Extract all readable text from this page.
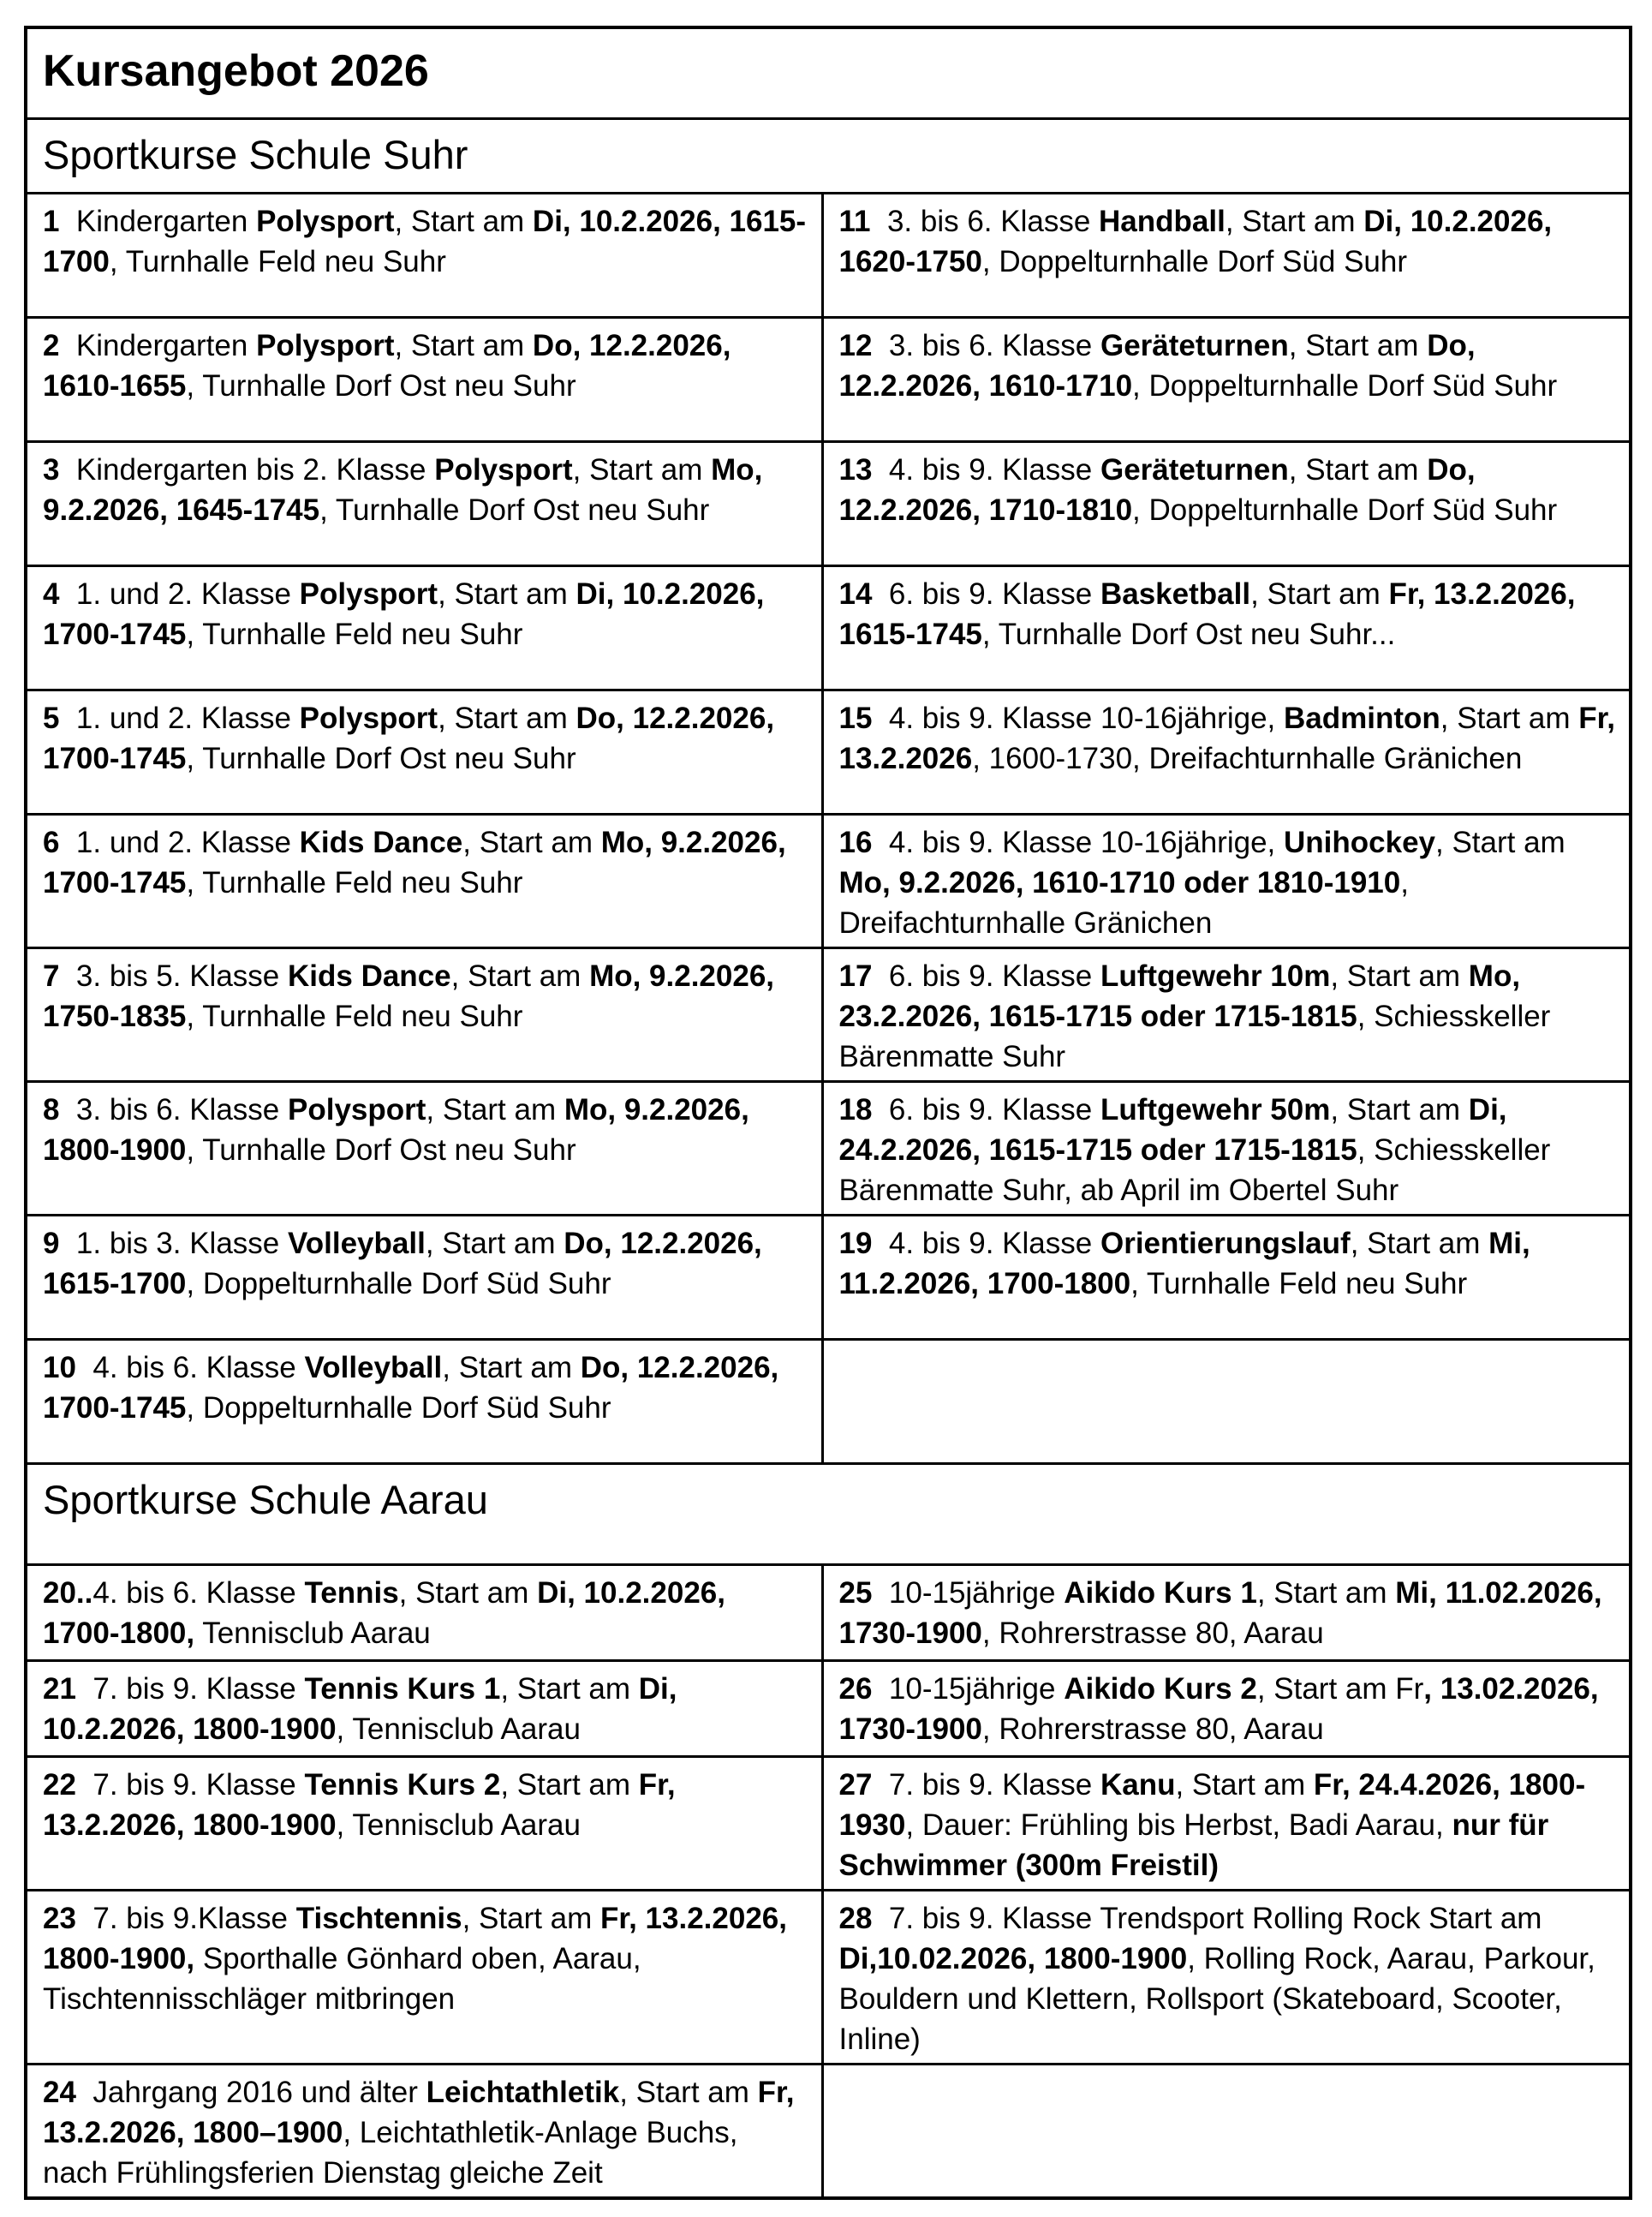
Kursangebot 2026	
Sportkurse Schule Suhr	
1  Kindergarten Polysport, Start am Di, 10.2.2026, 1615-1700, Turnhalle Feld neu Suhr	11  3. bis 6. Klasse Handball, Start am Di, 10.2.2026, 1620-1750, Doppelturnhalle Dorf Süd Suhr
2  Kindergarten Polysport, Start am Do, 12.2.2026, 1610-1655, Turnhalle Dorf Ost neu Suhr	12  3. bis 6. Klasse Geräteturnen, Start am Do, 12.2.2026, 1610-1710, Doppelturnhalle Dorf Süd Suhr
3  Kindergarten bis 2. Klasse Polysport, Start am Mo, 9.2.2026, 1645-1745, Turnhalle Dorf Ost neu Suhr	13  4. bis 9. Klasse Geräteturnen, Start am Do, 12.2.2026, 1710-1810, Doppelturnhalle Dorf Süd Suhr
4  1. und 2. Klasse Polysport, Start am Di, 10.2.2026, 1700-1745, Turnhalle Feld neu Suhr	14  6. bis 9. Klasse Basketball, Start am Fr, 13.2.2026, 1615-1745, Turnhalle Dorf Ost neu Suhr...
5  1. und 2. Klasse Polysport, Start am Do, 12.2.2026, 1700-1745, Turnhalle Dorf Ost neu Suhr	15  4. bis 9. Klasse 10-16jährige, Badminton, Start am Fr, 13.2.2026, 1600-1730, Dreifachturnhalle Gränichen
6  1. und 2. Klasse Kids Dance, Start am Mo, 9.2.2026, 1700-1745, Turnhalle Feld neu Suhr	16  4. bis 9. Klasse 10-16jährige, Unihockey, Start am Mo, 9.2.2026, 1610-1710 oder 1810-1910, Dreifachturnhalle Gränichen
7  3. bis 5. Klasse Kids Dance, Start am Mo, 9.2.2026, 1750-1835, Turnhalle Feld neu Suhr	17  6. bis 9. Klasse Luftgewehr 10m, Start am Mo, 23.2.2026, 1615-1715 oder 1715-1815, Schiesskeller Bärenmatte Suhr
8  3. bis 6. Klasse Polysport, Start am Mo, 9.2.2026, 1800-1900, Turnhalle Dorf Ost neu Suhr	18  6. bis 9. Klasse Luftgewehr 50m, Start am Di, 24.2.2026, 1615-1715 oder 1715-1815, Schiesskeller Bärenmatte Suhr, ab April im Obertel Suhr
9  1. bis 3. Klasse Volleyball, Start am Do, 12.2.2026, 1615-1700, Doppelturnhalle Dorf Süd Suhr	19  4. bis 9. Klasse Orientierungslauf, Start am Mi, 11.2.2026, 1700-1800, Turnhalle Feld neu Suhr
10  4. bis 6. Klasse Volleyball, Start am Do, 12.2.2026, 1700-1745, Doppelturnhalle Dorf Süd Suhr	
Sportkurse Schule Aarau	
20..4. bis 6. Klasse Tennis, Start am Di, 10.2.2026, 1700-1800, Tennisclub Aarau	25  10-15jährige Aikido Kurs 1, Start am Mi, 11.02.2026, 1730-1900, Rohrerstrasse 80, Aarau
21  7. bis 9. Klasse Tennis Kurs 1, Start am Di, 10.2.2026, 1800-1900, Tennisclub Aarau	26  10-15jährige Aikido Kurs 2, Start am Fr, 13.02.2026, 1730-1900, Rohrerstrasse 80, Aarau
22  7. bis 9. Klasse Tennis Kurs 2, Start am Fr, 13.2.2026, 1800-1900, Tennisclub Aarau	27  7. bis 9. Klasse Kanu, Start am Fr, 24.4.2026, 1800-1930, Dauer: Frühling bis Herbst, Badi Aarau, nur für Schwimmer (300m Freistil)
23  7. bis 9.Klasse Tischtennis, Start am Fr, 13.2.2026, 1800-1900, Sporthalle Gönhard oben, Aarau, Tischtennisschläger mitbringen	28  7. bis 9. Klasse Trendsport Rolling Rock Start am Di,10.02.2026, 1800-1900, Rolling Rock, Aarau, Parkour, Bouldern und Klettern, Rollsport (Skateboard, Scooter, Inline)
24  Jahrgang 2016 und älter Leichtathletik, Start am Fr, 13.2.2026, 1800–1900, Leichtathletik-Anlage Buchs, nach Frühlingsferien Dienstag gleiche Zeit	
